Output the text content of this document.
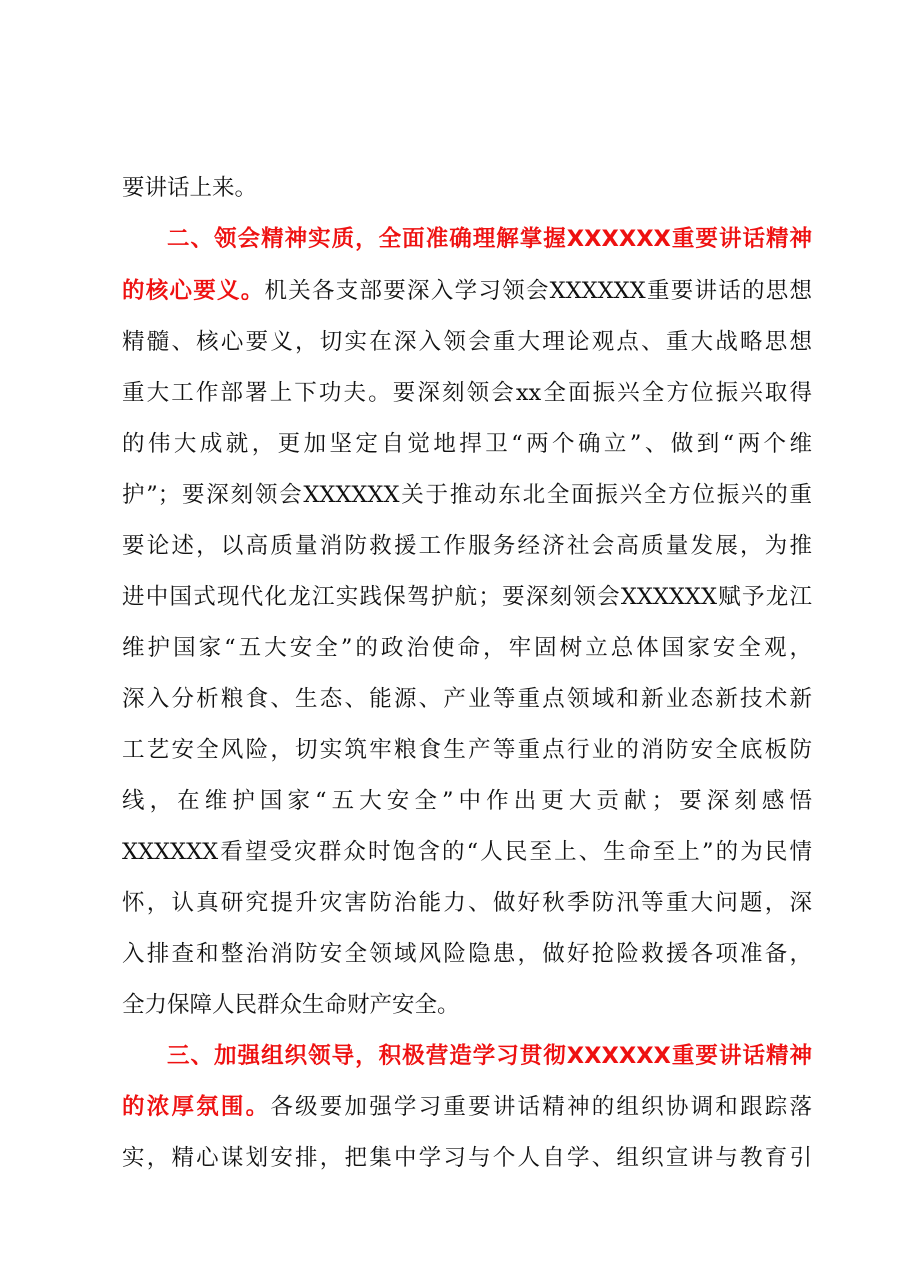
要讲话上来。
二、领会精神实质，全面准确理解掌握XXXXXX重要讲话精神
的核心要义。机关各支部要深入学习领会XXXXXX重要讲话的思想
精髓、核心要义，切实在深入领会重大理论观点、重大战略思想
重大工作部署上下功夫。要深刻领会xx全面振兴全方位振兴取得
的伟大成就，更加坚定自觉地捍卫“两个确立”、做到“两个维
护”；要深刻领会XXXXXX关于推动东北全面振兴全方位振兴的重
要论述，以高质量消防救援工作服务经济社会高质量发展，为推
进中国式现代化龙江实践保驾护航；要深刻领会XXXXXX赋予龙江
维护国家“五大安全”的政治使命，牢固树立总体国家安全观，
深入分析粮食、生态、能源、产业等重点领域和新业态新技术新
工艺安全风险，切实筑牢粮食生产等重点行业的消防安全底板防
线，在维护国家“五大安全”中作出更大贡献；要深刻感悟
XXXXXX看望受灾群众时饱含的“人民至上、生命至上”的为民情
怀，认真研究提升灾害防治能力、做好秋季防汛等重大问题，深
入排查和整治消防安全领域风险隐患，做好抢险救援各项准备，
全力保障人民群众生命财产安全。
三、加强组织领导，积极营造学习贯彻XXXXXX重要讲话精神
的浓厚氛围。各级要加强学习重要讲话精神的组织协调和跟踪落
实，精心谋划安排，把集中学习与个人自学、组织宣讲与教育引
